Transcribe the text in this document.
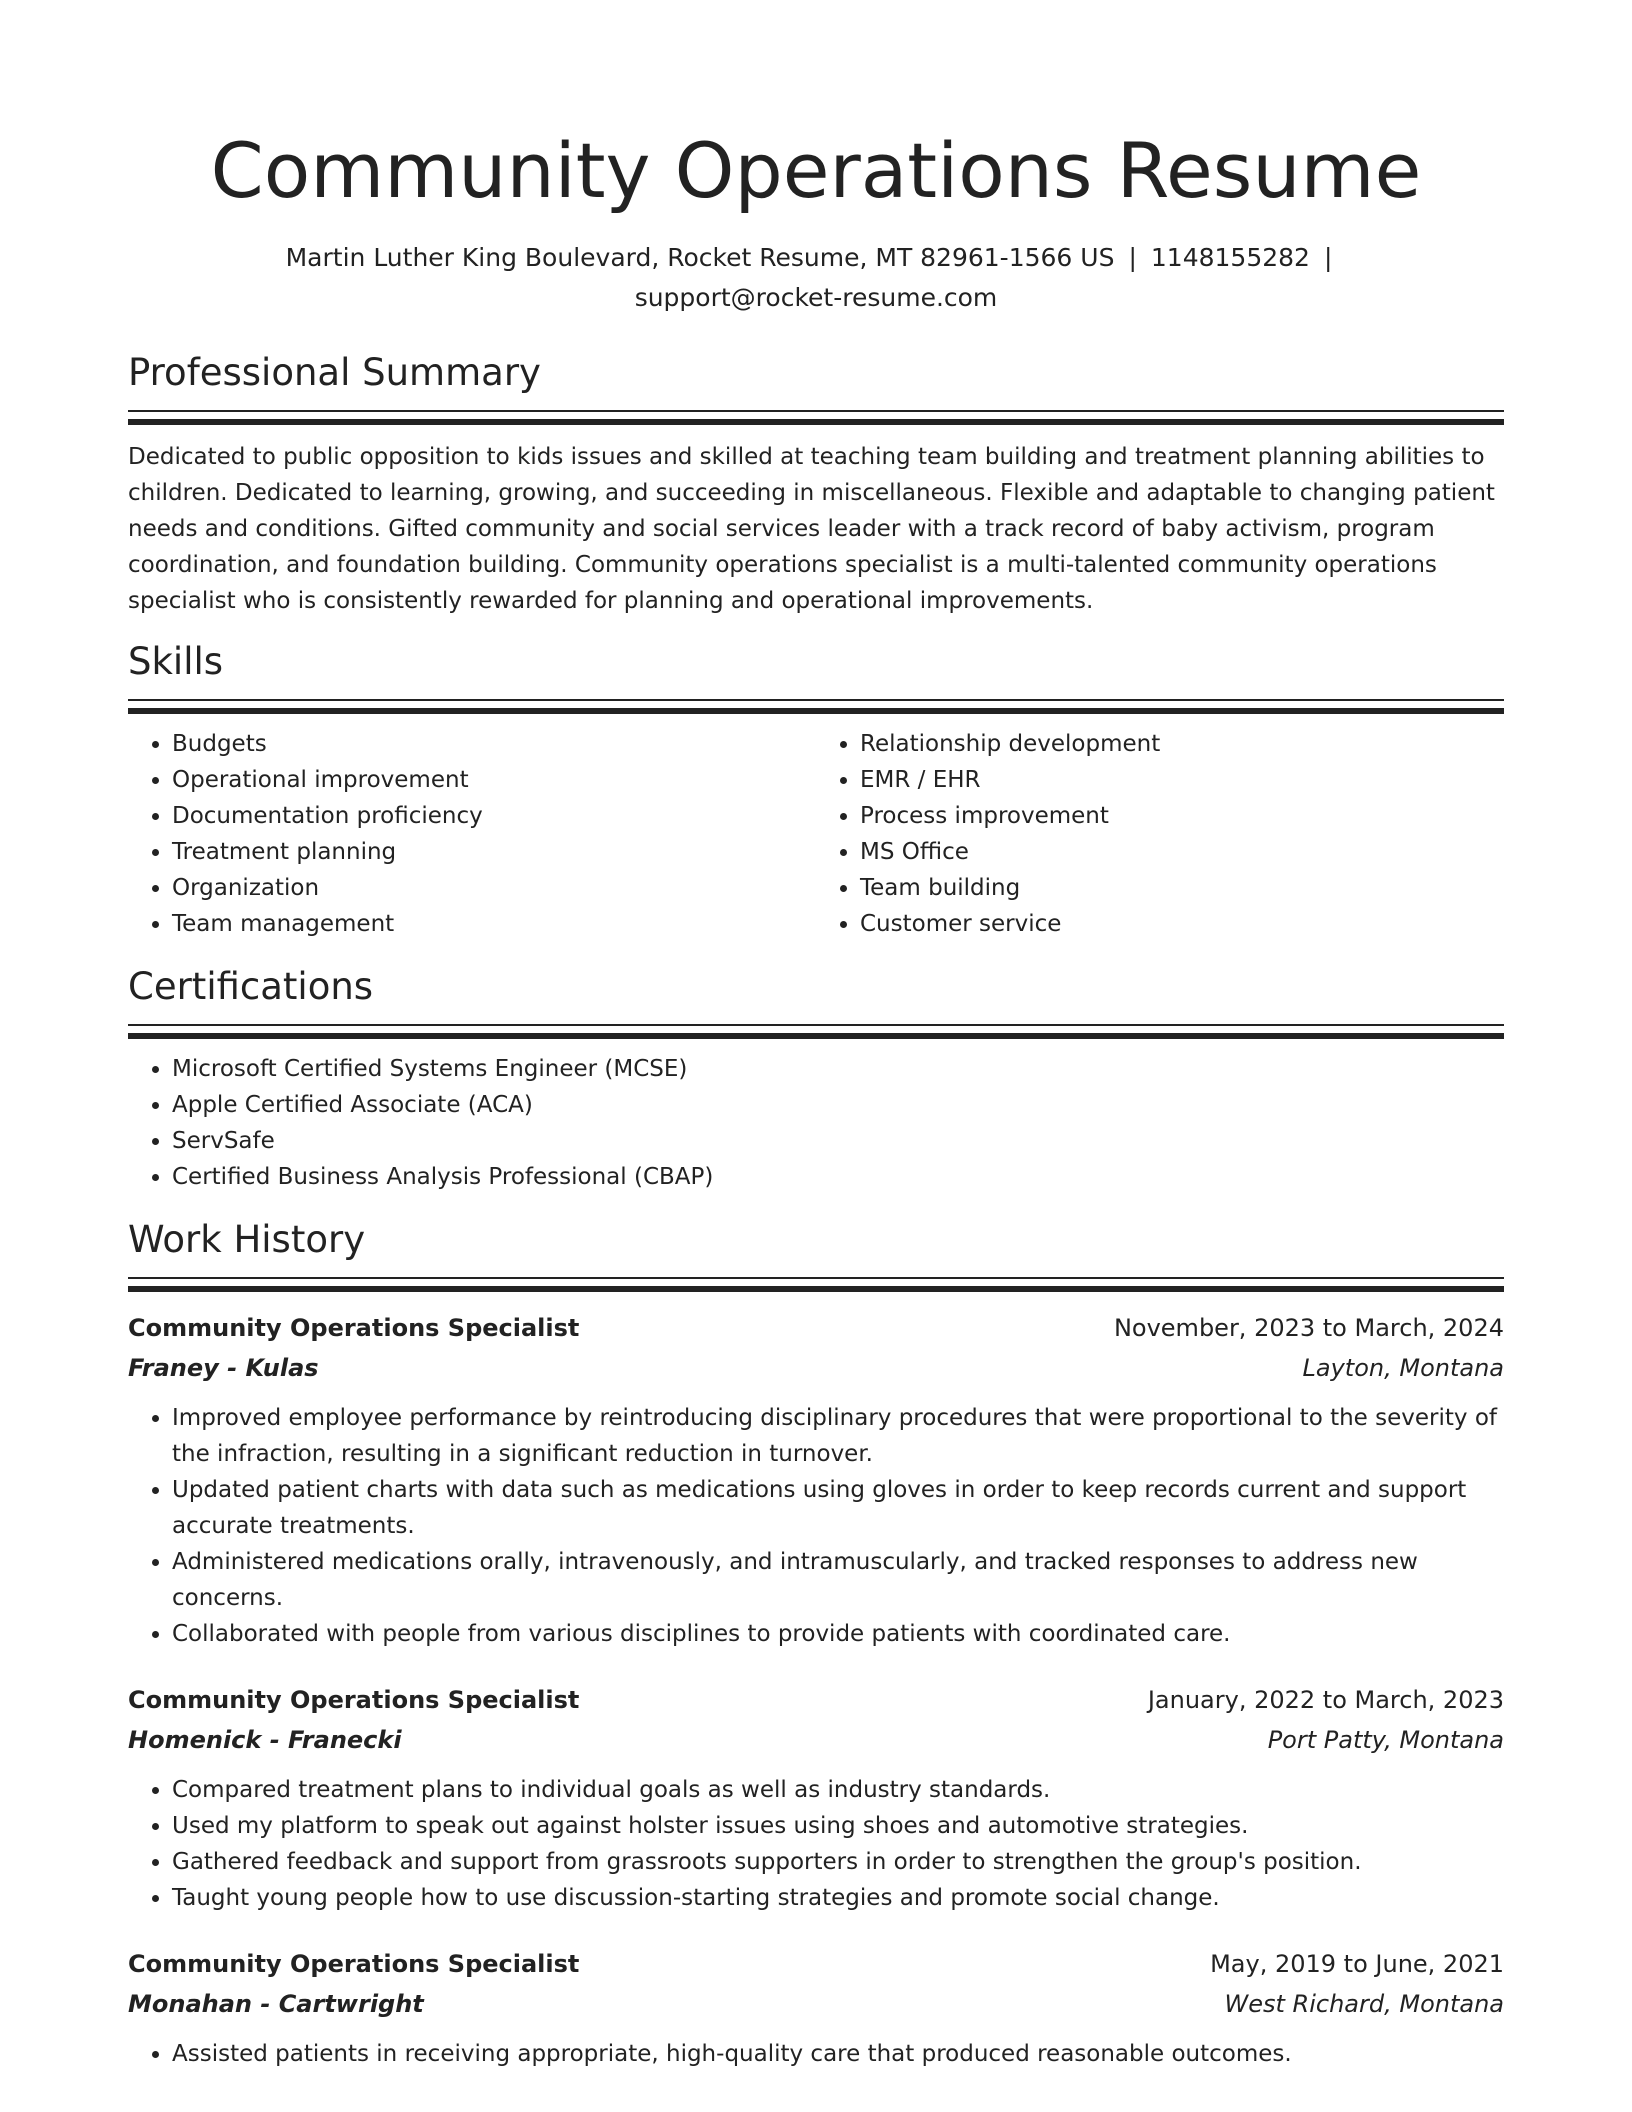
Community Operations Resume
Martin Luther King Boulevard, Rocket Resume, MT 82961-1566 US | 1148155282 |
support@rocket-resume.com
Professional Summary

Dedicated to public opposition to kids issues and skilled at teaching team building and treatment planning abilities to children. Dedicated to learning, growing, and succeeding in miscellaneous. Flexible and adaptable to changing patient needs and conditions. Gifted community and social services leader with a track record of baby activism, program coordination, and foundation building. Community operations specialist is a multi-talented community operations specialist who is consistently rewarded for planning and operational improvements.

Skills
• Budgets
• Operational improvement
• Documentation proficiency
• Treatment planning
• Organization
• Team management
• Relationship development
• EMR / EHR
• Process improvement
• MS Office
• Team building
• Customer service
Certifications
• Microsoft Certified Systems Engineer (MCSE)
• Apple Certified Associate (ACA)
• ServSafe
• Certified Business Analysis Professional (CBAP)
Work History
Community Operations Specialist	November, 2023 to March, 2024
Franey - Kulas	Layton, Montana
• Improved employee performance by reintroducing disciplinary procedures that were proportional to the severity of the infraction, resulting in a significant reduction in turnover.
• Updated patient charts with data such as medications using gloves in order to keep records current and support accurate treatments.
• Administered medications orally, intravenously, and intramuscularly, and tracked responses to address new concerns.
• Collaborated with people from various disciplines to provide patients with coordinated care.
Community Operations Specialist	January, 2022 to March, 2023
Homenick - Franecki	Port Patty, Montana
• Compared treatment plans to individual goals as well as industry standards.
• Used my platform to speak out against holster issues using shoes and automotive strategies.
• Gathered feedback and support from grassroots supporters in order to strengthen the group's position.
• Taught young people how to use discussion-starting strategies and promote social change.
Community Operations Specialist	May, 2019 to June, 2021
Monahan - Cartwright	West Richard, Montana
• Assisted patients in receiving appropriate, high-quality care that produced reasonable outcomes.
